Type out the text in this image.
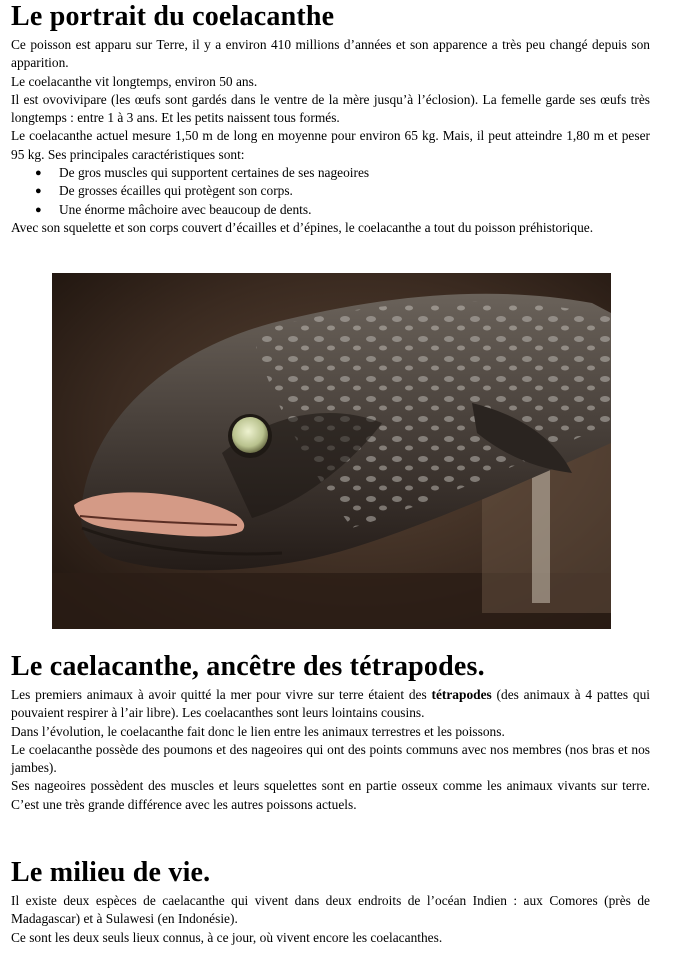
Le portrait du coelacanthe

Ce poisson est apparu sur Terre, il y a environ 410 millions d’années et son apparence a très peu changé depuis son apparition.

Le coelacanthe vit longtemps, environ 50 ans.

Il est ovovivipare (les œufs sont gardés dans le ventre de la mère jusqu’à l’éclosion). La femelle garde ses œufs très longtemps : entre 1 à 3 ans. Et les petits naissent tous formés.

Le coelacanthe actuel mesure 1,50 m de long en moyenne pour environ 65 kg. Mais, il peut atteindre 1,80 m et peser 95 kg. Ses principales caractéristiques sont:

● De gros muscles qui supportent certaines de ses nageoires
● De grosses écailles qui protègent son corps.
● Une énorme mâchoire avec beaucoup de dents.

Avec son squelette et son corps couvert d’écailles et d’épines, le coelacanthe a tout du poisson préhistorique.

Le caelacanthe, ancêtre des tétrapodes.

Les premiers animaux à avoir quitté la mer pour vivre sur terre étaient des tétrapodes (des animaux à 4 pattes qui pouvaient respirer à l’air libre). Les coelacanthes sont leurs lointains cousins.

Dans l’évolution, le coelacanthe fait donc le lien entre les animaux terrestres et les poissons.

Le coelacanthe possède des poumons et des nageoires qui ont des points communs avec nos membres (nos bras et nos jambes).

Ses nageoires possèdent des muscles et leurs squelettes sont en partie osseux comme les animaux vivants sur terre. C’est une très grande différence avec les autres poissons actuels.

Le milieu de vie.

Il existe deux espèces de caelacanthe qui vivent dans deux endroits de l’océan Indien : aux Comores (près de Madagascar) et à Sulawesi (en Indonésie).

Ce sont les deux seuls lieux connus, à ce jour, où vivent encore les coelacanthes.
